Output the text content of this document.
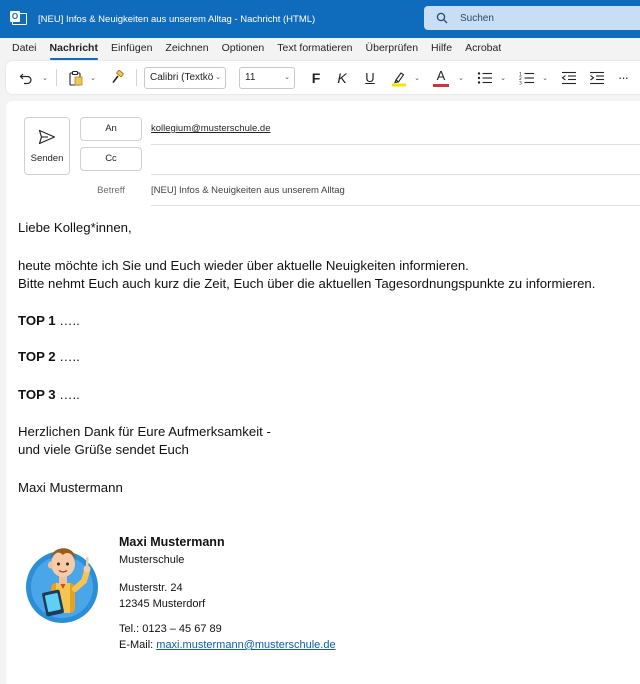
O [NEU] Infos & Neuigkeiten aus unserem Alltag - Nachricht (HTML)	Suchen
Datei Nachricht Einfügen Zeichnen Optionen Text formatieren Überprüfen Hilfe Acrobat
⌄	⌄	Calibri (Textkö ⌄	11	⌄ F K U	⌄ A ⌄	⌄	1
2
3
⌄	···
Senden
An	kollegium@musterschule.de
Cc
Betreff	[NEU] Infos & Neuigkeiten aus unserem Alltag
Liebe Kolleg*innen,
heute möchte ich Sie und Euch wieder über aktuelle Neuigkeiten informieren.
Bitte nehmt Euch auch kurz die Zeit, Euch über die aktuellen Tagesordnungspunkte zu informieren.
TOP 1 …..
TOP 2 …..
TOP 3 …..
Herzlichen Dank für Eure Aufmerksamkeit -
und viele Grüße sendet Euch
Maxi Mustermann
Maxi Mustermann
Musterschule
Musterstr. 24
12345 Musterdorf
Tel.: 0123 – 45 67 89
E-Mail: maxi.mustermann@musterschule.de
